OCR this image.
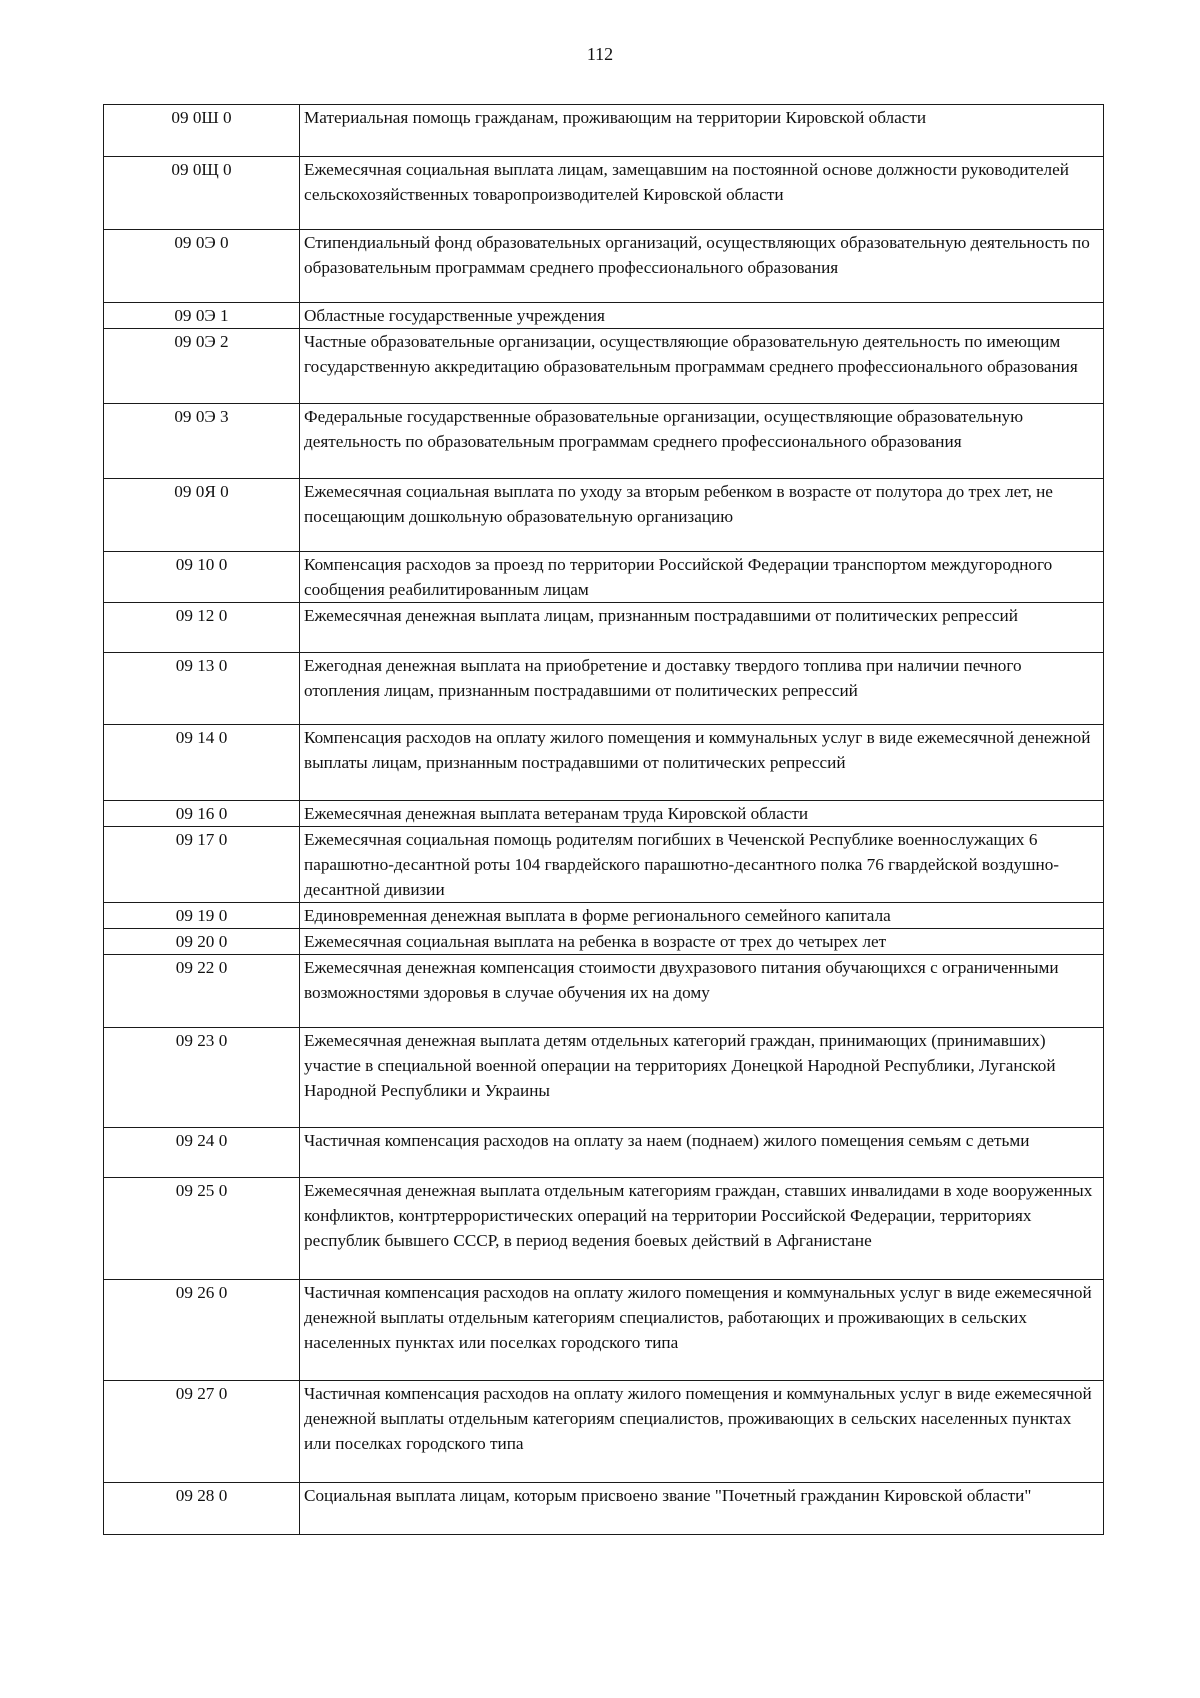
112
09 0Ш 0	Материальная помощь гражданам, проживающим на территории Кировской области
09 0Щ 0	Ежемесячная социальная выплата лицам, замещавшим на постоянной основе должности руководителей сельскохозяйственных товаропроизводителей Кировской области
09 0Э 0	Стипендиальный фонд образовательных организаций, осуществляющих образовательную деятельность по образовательным программам среднего профессионального образования
09 0Э 1	Областные государственные учреждения
09 0Э 2	Частные образовательные организации, осуществляющие образовательную деятельность по имеющим государственную аккредитацию образовательным программам среднего профессионального образования
09 0Э 3	Федеральные государственные образовательные организации, осуществляющие образовательную деятельность по образовательным программам среднего профессионального образования
09 0Я 0	Ежемесячная социальная выплата по уходу за вторым ребенком в возрасте от полутора до трех лет, не посещающим дошкольную образовательную организацию
09 10 0	Компенсация расходов за проезд по территории Российской Федерации транспортом междугородного сообщения реабилитированным лицам
09 12 0	Ежемесячная денежная выплата лицам, признанным пострадавшими от политических репрессий
09 13 0	Ежегодная денежная выплата на приобретение и доставку твердого топлива при наличии печного отопления лицам, признанным пострадавшими от политических репрессий
09 14 0	Компенсация расходов на оплату жилого помещения и коммунальных услуг в виде ежемесячной денежной выплаты лицам, признанным пострадавшими от политических репрессий
09 16 0	Ежемесячная денежная выплата ветеранам труда Кировской области
09 17 0	Ежемесячная социальная помощь родителям погибших в Чеченской Республике военнослужащих 6 парашютно-десантной роты 104 гвардейского парашютно-десантного полка 76 гвардейской воздушно-десантной дивизии
09 19 0	Единовременная денежная выплата в форме регионального семейного капитала
09 20 0	Ежемесячная социальная выплата на ребенка в возрасте от трех до четырех лет
09 22 0	Ежемесячная денежная компенсация стоимости двухразового питания обучающихся с ограниченными возможностями здоровья в случае обучения их на дому
09 23 0	Ежемесячная денежная выплата детям отдельных категорий граждан, принимающих (принимавших) участие в специальной военной операции на территориях Донецкой Народной Республики, Луганской Народной Республики и Украины
09 24 0	Частичная компенсация расходов на оплату за наем (поднаем) жилого помещения семьям с детьми
09 25 0	Ежемесячная денежная выплата отдельным категориям граждан, ставших инвалидами в ходе вооруженных конфликтов, контртеррористических операций на территории Российской Федерации, территориях республик бывшего СССР, в период ведения боевых действий в Афганистане
09 26 0	Частичная компенсация расходов на оплату жилого помещения и коммунальных услуг в виде ежемесячной денежной выплаты отдельным категориям специалистов, работающих и проживающих в сельских населенных пунктах или поселках городского типа
09 27 0	Частичная компенсация расходов на оплату жилого помещения и коммунальных услуг в виде ежемесячной денежной выплаты отдельным категориям специалистов, проживающих в сельских населенных пунктах или поселках городского типа
09 28 0	Социальная выплата лицам, которым присвоено звание "Почетный гражданин Кировской области"
